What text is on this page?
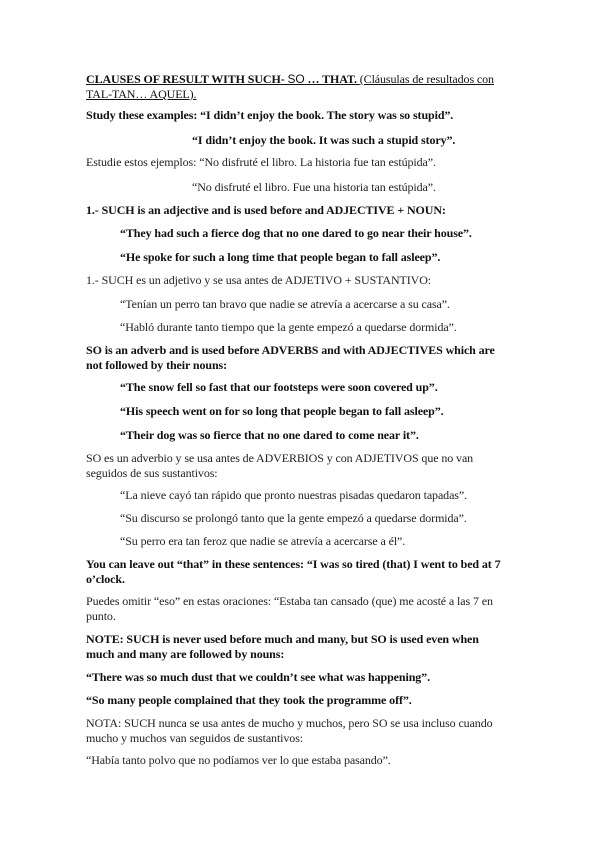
CLAUSES OF RESULT WITH SUCH- SO … THAT. (Cláusulas de resultados con
TAL-TAN… AQUEL).
Study these examples: “I didn’t enjoy the book. The story was so stupid”.
“I didn’t enjoy the book. It was such a stupid story”.
Estudie estos ejemplos: “No disfruté el libro. La historia fue tan estúpida”.
“No disfruté el libro. Fue una historia tan estúpida”.
1.- SUCH is an adjective and is used before and ADJECTIVE + NOUN:
“They had such a fierce dog that no one dared to go near their house”.
“He spoke for such a long time that people began to fall asleep”.
1.- SUCH es un adjetivo y se usa antes de ADJETIVO + SUSTANTIVO:
“Tenían un perro tan bravo que nadie se atrevía a acercarse a su casa”.
“Habló durante tanto tiempo que la gente empezó a quedarse dormida”.
SO is an adverb and is used before ADVERBS and with ADJECTIVES which are
not followed by their nouns:
“The snow fell so fast that our footsteps were soon covered up”.
“His speech went on for so long that people began to fall asleep”.
“Their dog was so fierce that no one dared to come near it”.
SO es un adverbio y se usa antes de ADVERBIOS y con ADJETIVOS que no van
seguidos de sus sustantivos:
“La nieve cayó tan rápido que pronto nuestras pisadas quedaron tapadas”.
“Su discurso se prolongó tanto que la gente empezó a quedarse dormida”.
“Su perro era tan feroz que nadie se atrevía a acercarse a él”.
You can leave out “that” in these sentences: “I was so tired (that) I went to bed at 7
o’clock.
Puedes omitir “eso” en estas oraciones: “Estaba tan cansado (que) me acosté a las 7 en
punto.
NOTE: SUCH is never used before much and many, but SO is used even when
much and many are followed by nouns:
“There was so much dust that we couldn’t see what was happening”.
“So many people complained that they took the programme off”.
NOTA: SUCH nunca se usa antes de mucho y muchos, pero SO se usa incluso cuando
mucho y muchos van seguidos de sustantivos:
“Había tanto polvo que no podíamos ver lo que estaba pasando”.
